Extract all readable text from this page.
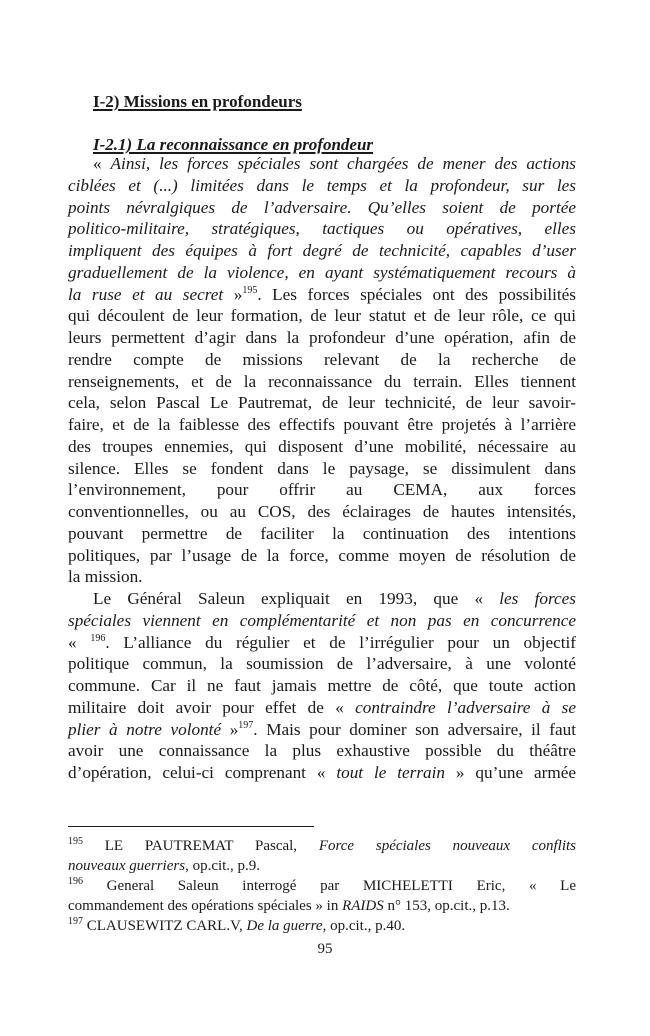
I-2) Missions en profondeurs
I-2.1) La reconnaissance en profondeur
« Ainsi, les forces spéciales sont chargées de mener des actions
ciblées et (...) limitées dans le temps et la profondeur, sur les
points névralgiques de l’adversaire. Qu’elles soient de portée
politico-militaire, stratégiques, tactiques ou opératives, elles
impliquent des équipes à fort degré de technicité, capables d’user
graduellement de la violence, en ayant systématiquement recours à
la ruse et au secret »$^{195}$. Les forces spéciales ont des possibilités
qui découlent de leur formation, de leur statut et de leur rôle, ce qui
leurs permettent d’agir dans la profondeur d’une opération, afin de
rendre compte de missions relevant de la recherche de
renseignements, et de la reconnaissance du terrain. Elles tiennent
cela, selon Pascal Le Pautremat, de leur technicité, de leur savoir-
faire, et de la faiblesse des effectifs pouvant être projetés à l’arrière
des troupes ennemies, qui disposent d’une mobilité, nécessaire au
silence. Elles se fondent dans le paysage, se dissimulent dans
l’environnement, pour offrir au CEMA, aux forces
conventionnelles, ou au COS, des éclairages de hautes intensités,
pouvant permettre de faciliter la continuation des intentions
politiques, par l’usage de la force, comme moyen de résolution de
la mission.
Le Général Saleun expliquait en 1993, que « les forces
spéciales viennent en complémentarité et non pas en concurrence
« $^{196}$. L’alliance du régulier et de l’irrégulier pour un objectif
politique commun, la soumission de l’adversaire, à une volonté
commune. Car il ne faut jamais mettre de côté, que toute action
militaire doit avoir pour effet de « contraindre l’adversaire à se
plier à notre volonté »$^{197}$. Mais pour dominer son adversaire, il faut
avoir une connaissance la plus exhaustive possible du théâtre
d’opération, celui-ci comprenant « tout le terrain » qu’une armée
$^{195}$ LE PAUTREMAT Pascal, Force spéciales nouveaux conflits
nouveaux guerriers, op.cit., p.9.
$^{196}$ General Saleun interrogé par MICHELETTI Eric, « Le
commandement des opérations spéciales » in RAIDS n° 153, op.cit., p.13.
$^{197}$ CLAUSEWITZ CARL.V, De la guerre, op.cit., p.40.
95
